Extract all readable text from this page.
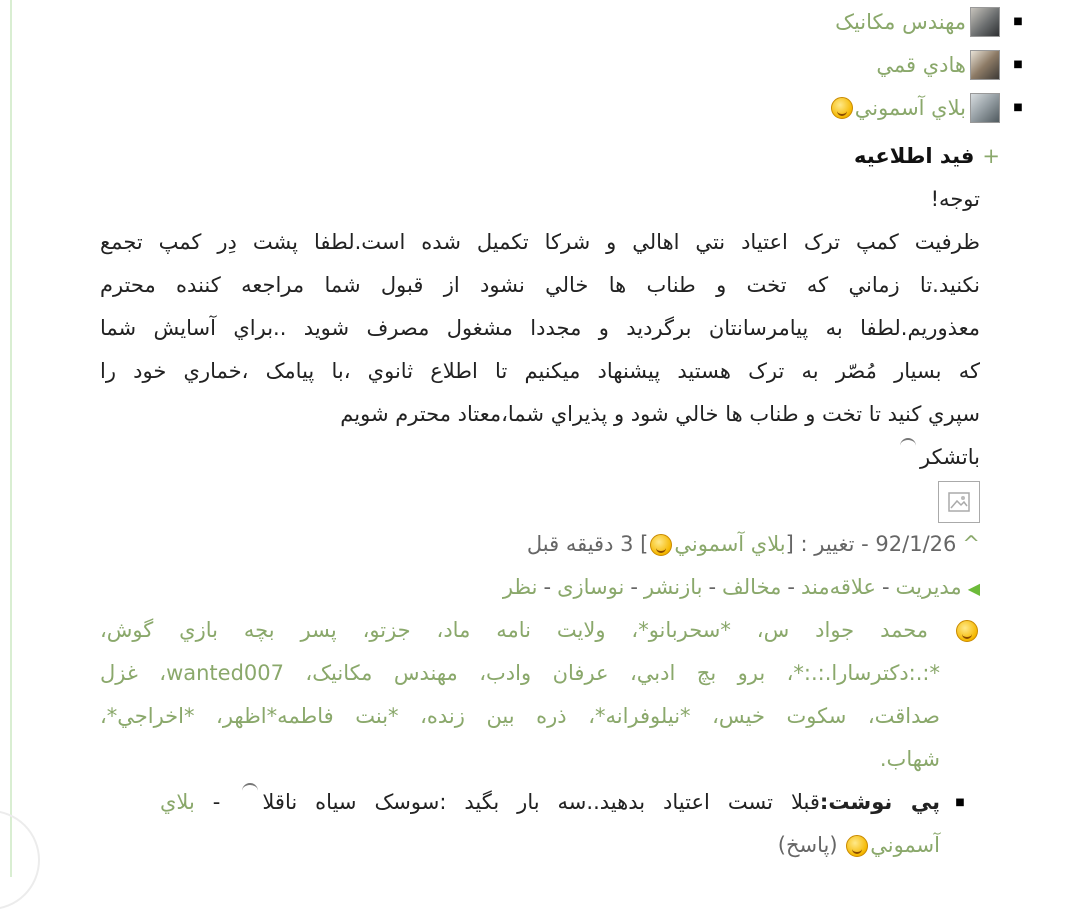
■
مهندس مكانيک
■
هادي قمي
■
بلاي آسموني
+فيد اطلاعيه
توجه!
ظرفيت كمپ ترک اعتياد نتي اهالي و شركا تكميل شده است.لطفا پشت دِر كمپ تجمع
نكنيد.تا زماني كه تخت و طناب ها خالي نشود از قبول شما مراجعه كننده محترم
معذوريم.لطفا به پيامرسانتان برگرديد و مجددا مشغول مصرف شويد ..براي آسايش شما
كه بسيار مُصّر به ترک هستيد پيشنهاد ميكنيم تا اطلاع ثانوي ،با پيامک ،خماري خود را
سپري كنيد تا تخت و طناب ها خالي شود و پذيراي شما،معتاد محترم شويم
باتشكر
^92/1/26 - تغيير : [بلاي آسموني] 3 دقيقه قبل
◀مديريت-علاقه‌مند-مخالف-بازنشر-نوسازی-نظر
محمد جواد س، *سحربانو*، ولايت نامه ماد، جزتو، پسر بچه بازي گوش،
*:.:دكترسارا.:.:*، برو بچ ادبي، عرفان وادب، مهندس مكانيک، wanted007، غزل
صداقت، سكوت خيس، *نيلوفرانه*، ذره بين زنده، *بنت فاطمه*اظهر، *اخراجي*،
شهاب.
■
پي نوشت:قبلا تست اعتياد بدهيد..سه بار بگيد :سوسک سياه ناقلا - بلاي
آسموني (پاسخ)
